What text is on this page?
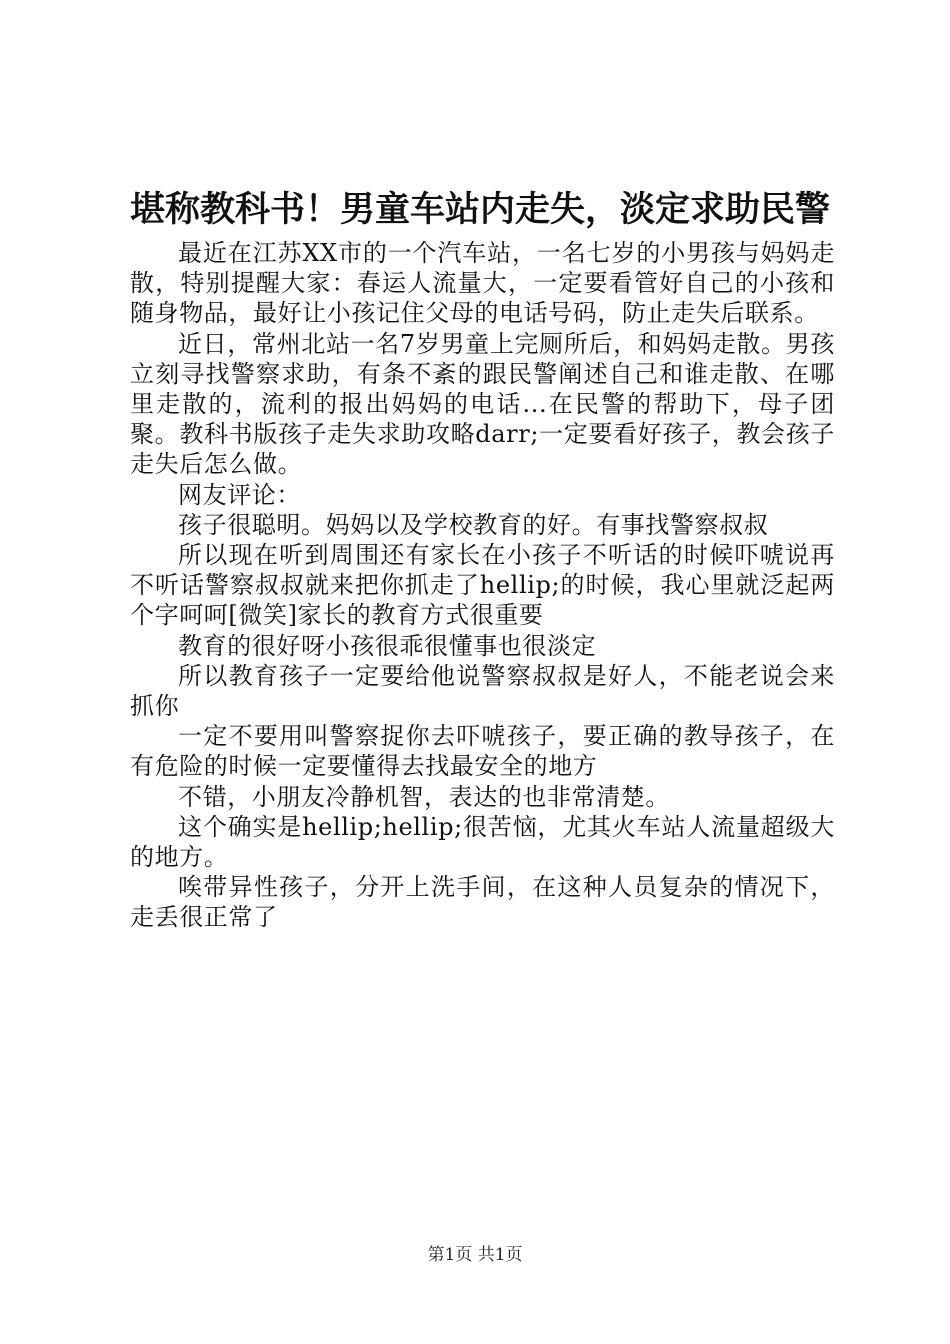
堪称教科书！男童车站内走失，淡定求助民警

最近在江苏XX市的一个汽车站，一名七岁的小男孩与妈妈走散，特别提醒大家：春运人流量大，一定要看管好自己的小孩和随身物品，最好让小孩记住父母的电话号码，防止走失后联系。

近日，常州北站一名7岁男童上完厕所后，和妈妈走散。男孩立刻寻找警察求助，有条不紊的跟民警阐述自己和谁走散、在哪里走散的，流利的报出妈妈的电话...在民警的帮助下，母子团聚。教科书版孩子走失求助攻略darr;一定要看好孩子，教会孩子走失后怎么做。

网友评论：

孩子很聪明。妈妈以及学校教育的好。有事找警察叔叔

所以现在听到周围还有家长在小孩子不听话的时候吓唬说再不听话警察叔叔就来把你抓走了hellip;的时候，我心里就泛起两个字呵呵[微笑]家长的教育方式很重要

教育的很好呀小孩很乖很懂事也很淡定

所以教育孩子一定要给他说警察叔叔是好人，不能老说会来抓你

一定不要用叫警察捉你去吓唬孩子，要正确的教导孩子，在有危险的时候一定要懂得去找最安全的地方

不错，小朋友冷静机智，表达的也非常清楚。

这个确实是hellip;hellip;很苦恼，尤其火车站人流量超级大的地方。

唉带异性孩子，分开上洗手间，在这种人员复杂的情况下，走丢很正常了

第1页 共1页
